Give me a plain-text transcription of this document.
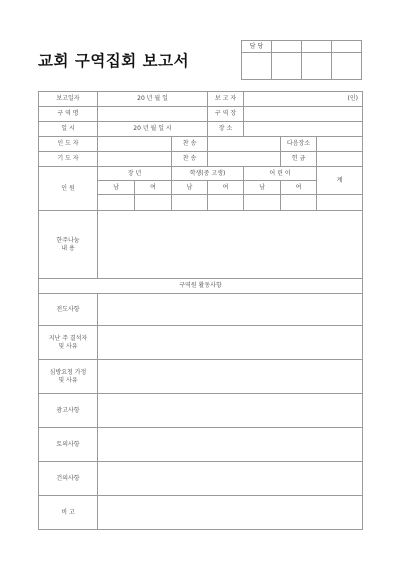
교회 구역집회 보고서
담 당			

보고일자	20 년 월 일			보 고 자	(인)		
구 역 명				구 역 장			
일 시	20 년 월 일 시			장 소			
인 도 자			찬 송			다음장소	
기 도 자			찬 송			헌 금	
인 원	장 년		학생(중 고생)		어 린 이		계
	남	여	남	여	남	여	

한주나눔
내 용							
구역원 활동사항							
전도사항							
지난 주 결석자
및 사유							
심방요청 가정
및 사유							
광고사항							
토의사항							
건의사항							
비 고							
